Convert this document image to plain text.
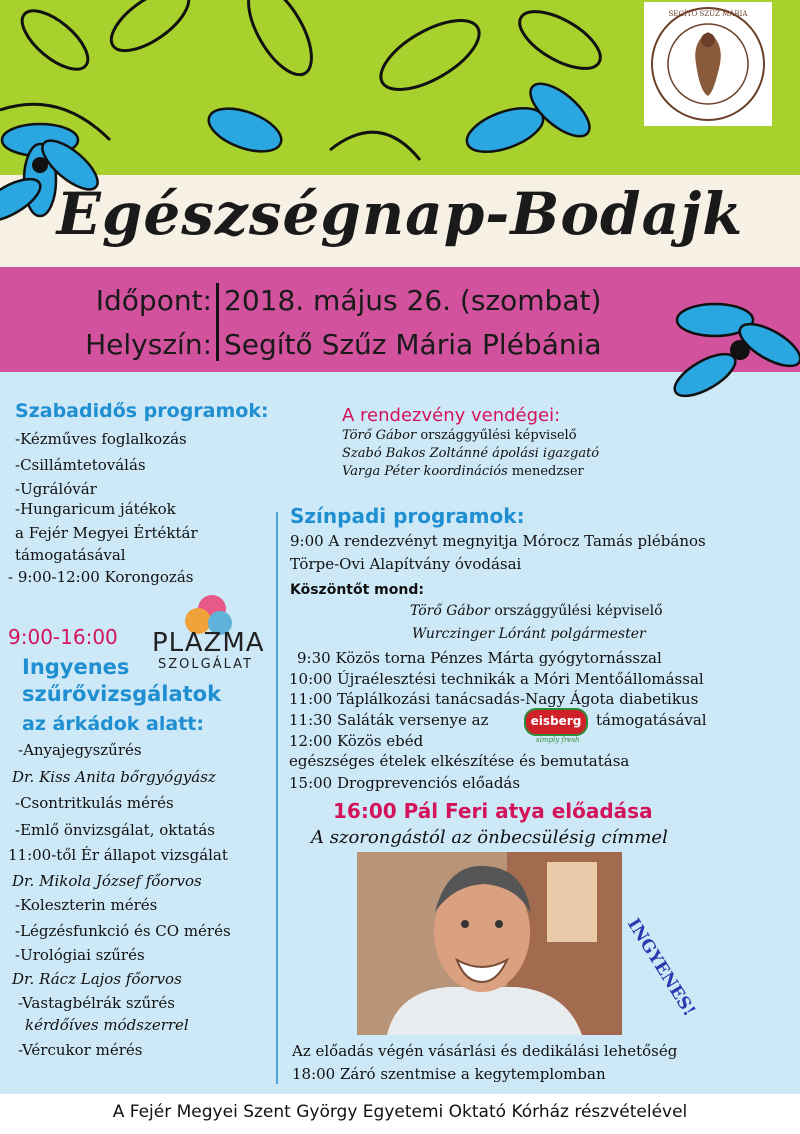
SEGÍTŐ SZŰZ MÁRIA
Egészségnap-Bodajk
Időpont: 2018. május 26. (szombat)
Helyszín: Segítő Szűz Mária Plébánia
Szabadidős programok:
-Kézműves foglalkozás
-Csillámtetoválás
-Ugrálóvár
-Hungaricum játékok
a Fejér Megyei Értéktár
támogatásával
- 9:00-12:00 Korongozás
PLAZMA
SZOLGÁLAT
9:00-16:00
Ingyenes
szűrővizsgálatok
az árkádok alatt:
-Anyajegyszűrés
Dr. Kiss Anita bőrgyógyász
-Csontritkulás mérés
-Emlő önvizsgálat, oktatás
11:00-től Ér állapot vizsgálat
Dr. Mikola József főorvos
-Koleszterin mérés
-Légzésfunkció és CO mérés
-Urológiai szűrés
Dr. Rácz Lajos főorvos
-Vastagbélrák szűrés
kérdőíves módszerrel
-Vércukor mérés
A rendezvény vendégei:
Törő Gábor országgyűlési képviselő
Szabó Bakos Zoltánné ápolási igazgató
Varga Péter koordinációs menedzser
Színpadi programok:
9:00 A rendezvényt megnyitja Mórocz Tamás plébános
Törpe-Ovi Alapítvány óvodásai
Köszöntőt mond:
Törő Gábor országgyűlési képviselő
Wurczinger Lóránt polgármester
9:30 Közös torna Pénzes Márta gyógytornásszal
10:00 Újraélesztési technikák a Móri Mentőállomással
11:00 Táplálkozási tanácsadás-Nagy Ágota diabetikus
11:30 Saláták versenye az	eisberg
simply fresh
támogatásával
12:00 Közös ebéd
egészséges ételek elkészítése és bemutatása
15:00 Drogprevenciós előadás
16:00 Pál Feri atya előadása
A szorongástól az önbecsülésig címmel
INGYENES!
Az előadás végén vásárlási és dedikálási lehetőség
18:00 Záró szentmise a kegytemplomban
A Fejér Megyei Szent György Egyetemi Oktató Kórház részvételével
